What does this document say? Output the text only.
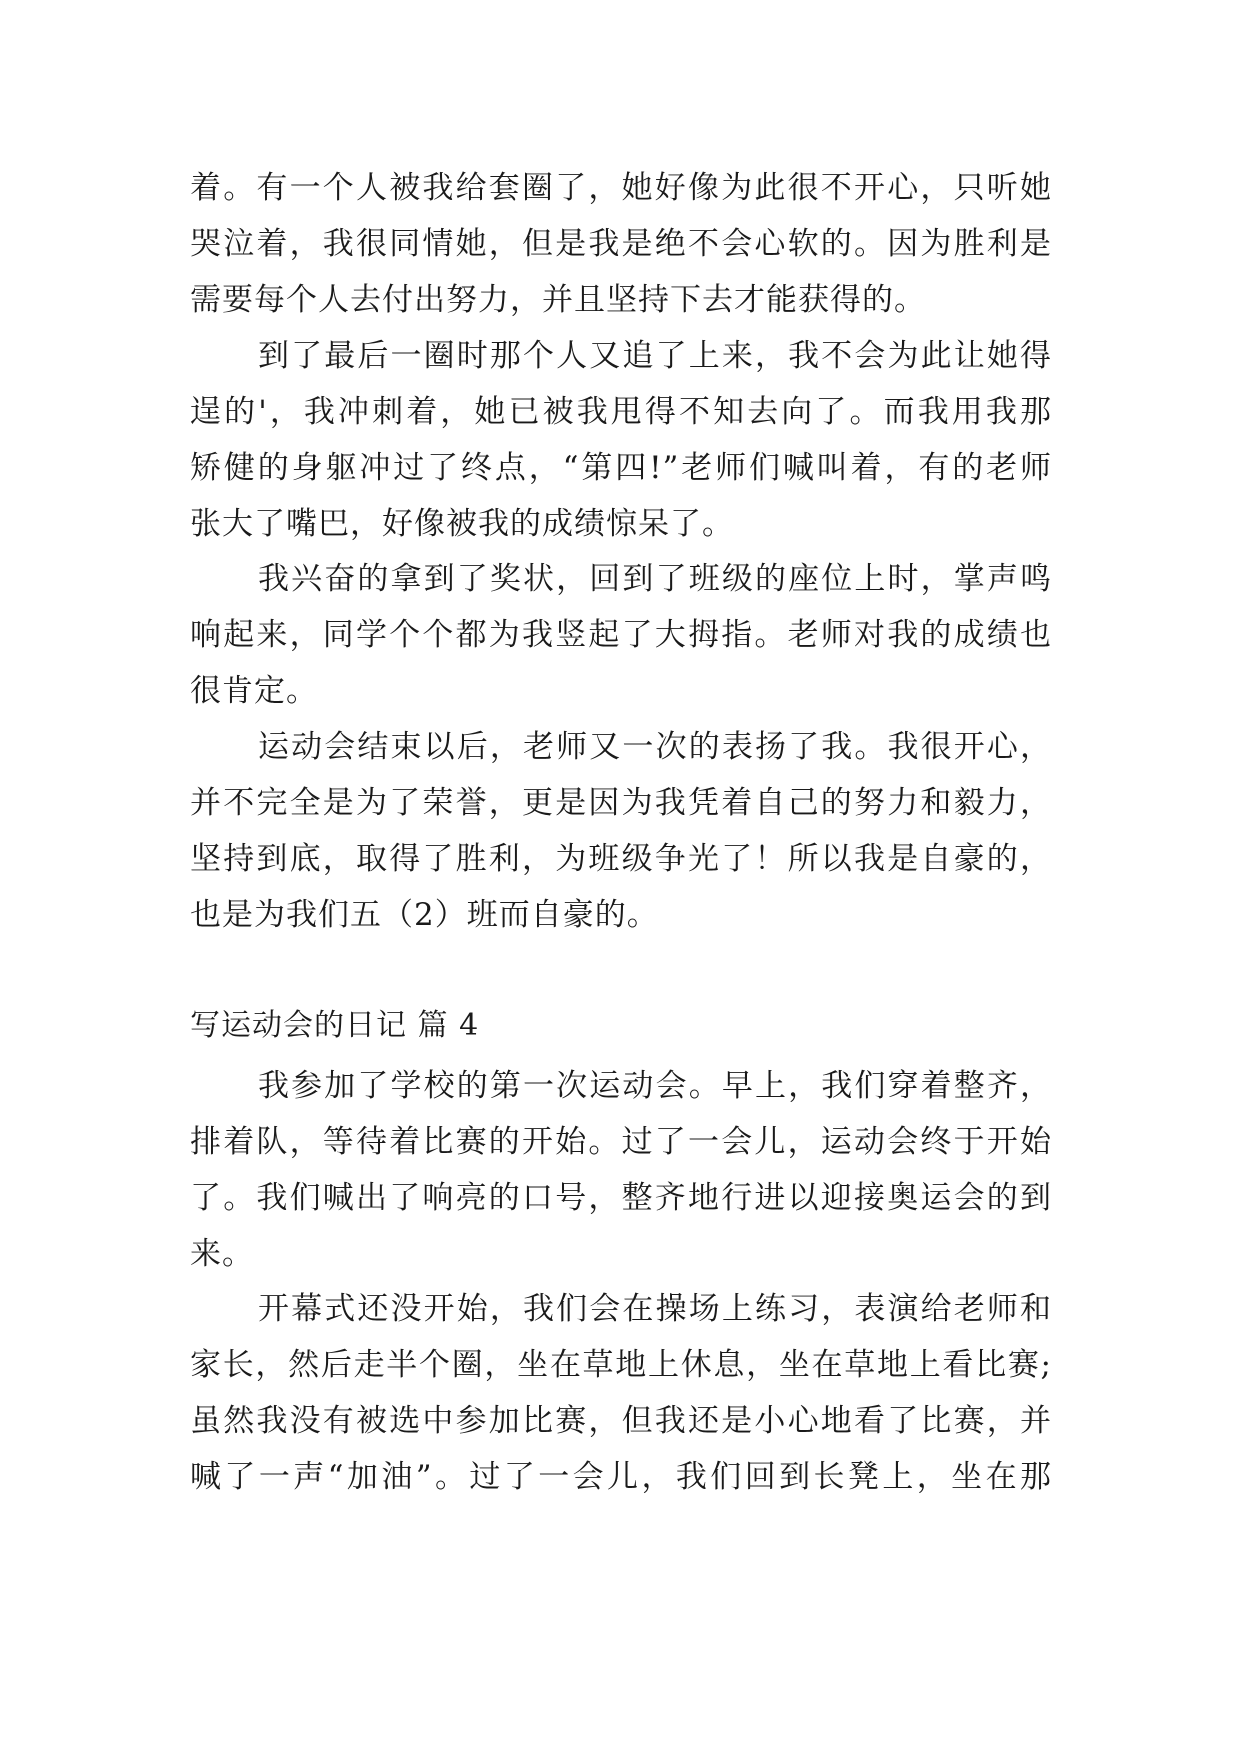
着。有一个人被我给套圈了，她好像为此很不开心，只听她
哭泣着，我很同情她，但是我是绝不会心软的。因为胜利是
需要每个人去付出努力，并且坚持下去才能获得的。
到了最后一圈时那个人又追了上来，我不会为此让她得
逞的'，我冲刺着，她已被我甩得不知去向了。而我用我那
矫健的身躯冲过了终点，“第四!”老师们喊叫着，有的老师
张大了嘴巴，好像被我的成绩惊呆了。
我兴奋的拿到了奖状，回到了班级的座位上时，掌声鸣
响起来，同学个个都为我竖起了大拇指。老师对我的成绩也
很肯定。
运动会结束以后，老师又一次的表扬了我。我很开心，
并不完全是为了荣誉，更是因为我凭着自己的努力和毅力，
坚持到底，取得了胜利，为班级争光了！所以我是自豪的，
也是为我们五（2）班而自豪的。
写运动会的日记 篇 4
我参加了学校的第一次运动会。早上，我们穿着整齐，
排着队，等待着比赛的开始。过了一会儿，运动会终于开始
了。我们喊出了响亮的口号，整齐地行进以迎接奥运会的到
来。
开幕式还没开始，我们会在操场上练习，表演给老师和
家长，然后走半个圈，坐在草地上休息，坐在草地上看比赛;
虽然我没有被选中参加比赛，但我还是小心地看了比赛，并
喊了一声“加油”。过了一会儿，我们回到长凳上，坐在那
